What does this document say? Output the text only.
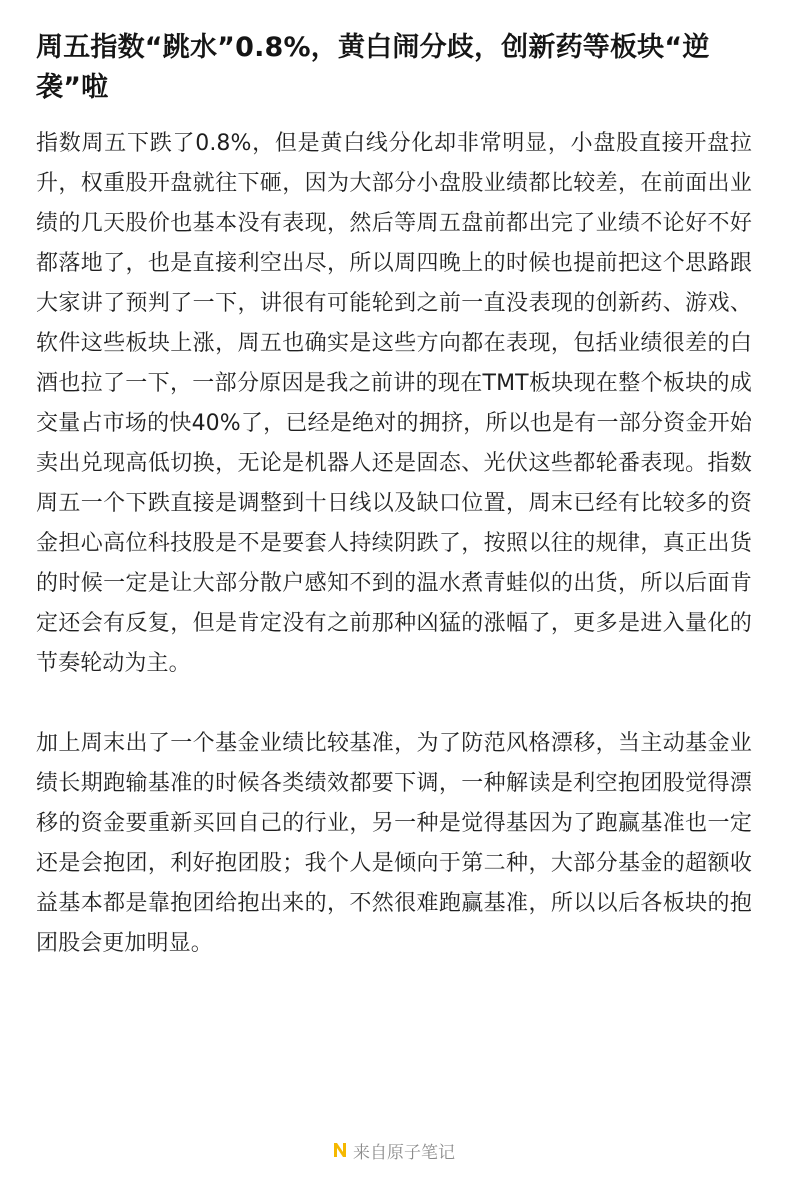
周五指数“跳水”0.8%，黄白闹分歧，创新药等板块“逆袭”啦

指数周五下跌了0.8%，但是黄白线分化却非常明显，小盘股直接开盘拉升，权重股开盘就往下砸，因为大部分小盘股业绩都比较差，在前面出业绩的几天股价也基本没有表现，然后等周五盘前都出完了业绩不论好不好都落地了，也是直接利空出尽，所以周四晚上的时候也提前把这个思路跟大家讲了预判了一下，讲很有可能轮到之前一直没表现的创新药、游戏、软件这些板块上涨，周五也确实是这些方向都在表现，包括业绩很差的白酒也拉了一下，一部分原因是我之前讲的现在TMT板块现在整个板块的成交量占市场的快40%了，已经是绝对的拥挤，所以也是有一部分资金开始卖出兑现高低切换，无论是机器人还是固态、光伏这些都轮番表现。指数周五一个下跌直接是调整到十日线以及缺口位置，周末已经有比较多的资金担心高位科技股是不是要套人持续阴跌了，按照以往的规律，真正出货的时候一定是让大部分散户感知不到的温水煮青蛙似的出货，所以后面肯定还会有反复，但是肯定没有之前那种凶猛的涨幅了，更多是进入量化的节奏轮动为主。

加上周末出了一个基金业绩比较基准，为了防范风格漂移，当主动基金业绩长期跑输基准的时候各类绩效都要下调，一种解读是利空抱团股觉得漂移的资金要重新买回自己的行业，另一种是觉得基因为了跑赢基准也一定还是会抱团，利好抱团股；我个人是倾向于第二种，大部分基金的超额收益基本都是靠抱团给抱出来的，不然很难跑赢基准，所以以后各板块的抱团股会更加明显。

来自原子笔记
